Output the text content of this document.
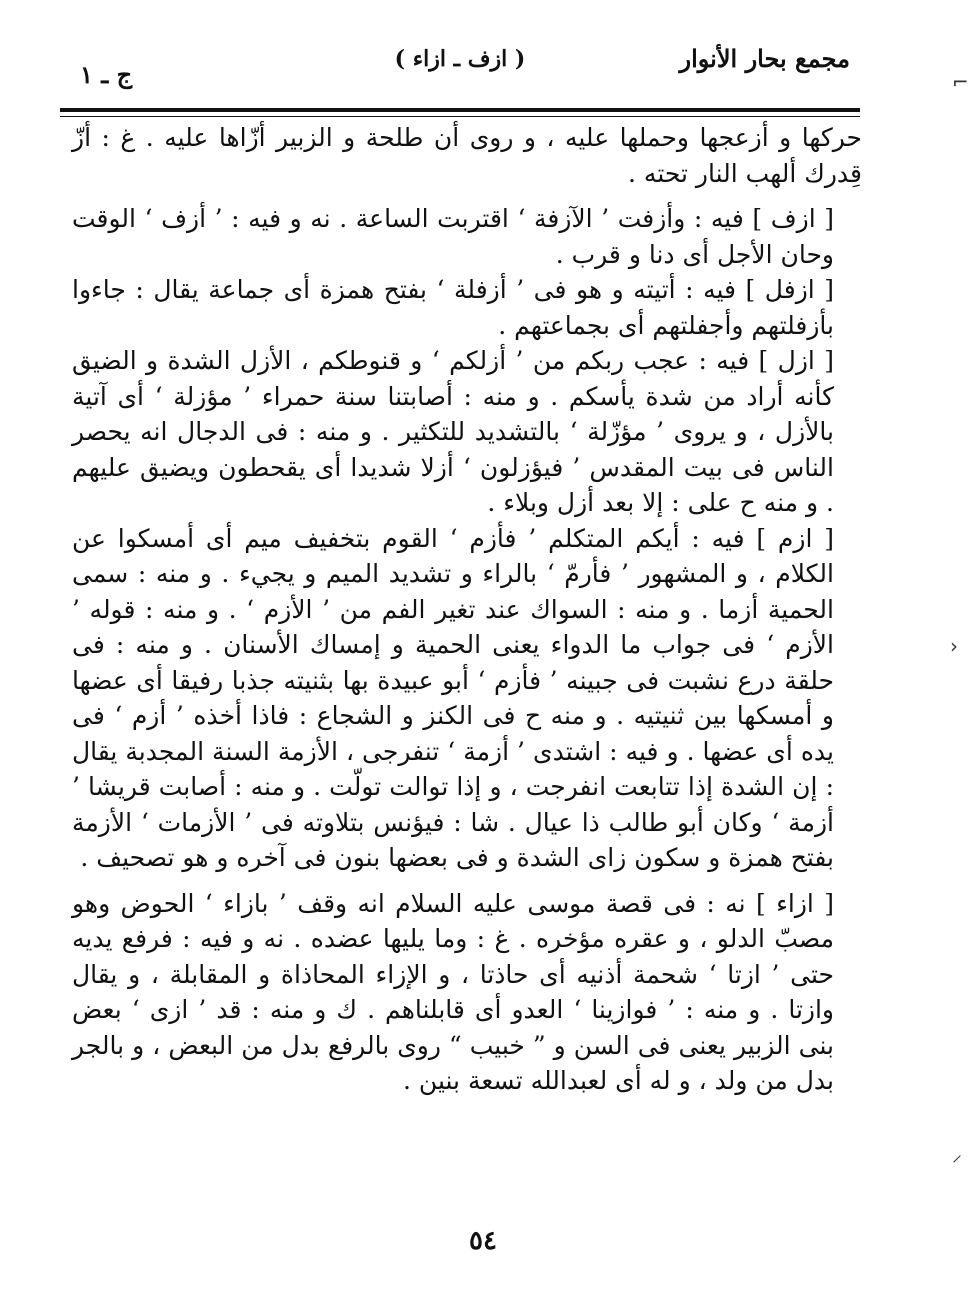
مجمع بحار الأنوار
( ازف ـ ازاء )
ج ـ ١

حركها و أزعجها وحملها عليه ، و روى أن طلحة و الزبير أزّاها عليه . غ : أزّ قِدرك ألهب النار تحته .

[ ازف ] فيه : وأزفت ’ الآزفة ‘ اقتربت الساعة . نه و فيه : ’ أزف ‘ الوقت وحان الأجل أى دنا و قرب .

[ ازفل ] فيه : أتيته و هو فى ’ أزفلة ‘ بفتح همزة أى جماعة يقال : جاءوا بأزفلتهم وأجفلتهم أى بجماعتهم .

[ ازل ] فيه : عجب ربكم من ’ أزلكم ‘ و قنوطكم ، الأزل الشدة و الضيق كأنه أراد من شدة يأسكم . و منه : أصابتنا سنة حمراء ’ مؤزلة ‘ أى آتية بالأزل ، و يروى ’ مؤزّلة ‘ بالتشديد للتكثير . و منه : فى الدجال انه يحصر الناس فى بيت المقدس ’ فيؤزلون ‘ أزلا شديدا أى يقحطون ويضيق عليهم . و منه ح على : إلا بعد أزل وبلاء .

[ ازم ] فيه : أيكم المتكلم ’ فأزم ‘ القوم بتخفيف ميم أى أمسكوا عن الكلام ، و المشهور ’ فأرمّ ‘ بالراء و تشديد الميم و يجيء . و منه : سمى الحمية أزما . و منه : السواك عند تغير الفم من ’ الأزم ‘ . و منه : قوله ’ الأزم ‘ فى جواب ما الدواء يعنى الحمية و إمساك الأسنان . و منه : فى حلقة درع نشبت فى جبينه ’ فأزم ‘ أبو عبيدة بها بثنيته جذبا رفيقا أى عضها و أمسكها بين ثنيتيه . و منه ح فى الكنز و الشجاع : فاذا أخذه ’ أزم ‘ فى يده أى عضها . و فيه : اشتدى ’ أزمة ‘ تنفرجى ، الأزمة السنة المجدبة يقال : إن الشدة إذا تتابعت انفرجت ، و إذا توالت تولّت . و منه : أصابت قريشا ’ أزمة ‘ وكان أبو طالب ذا عيال . شا : فيؤنس بتلاوته فى ’ الأزمات ‘ الأزمة بفتح همزة و سكون زاى الشدة و فى بعضها بنون فى آخره و هو تصحيف .

[ ازاء ] نه : فى قصة موسى عليه السلام انه وقف ’ بازاء ‘ الحوض وهو مصبّ الدلو ، و عقره مؤخره . غ : وما يليها عضده . نه و فيه : فرفع يديه حتى ’ ازتا ‘ شحمة أذنيه أى حاذتا ، و الإزاء المحاذاة و المقابلة ، و يقال وازتا . و منه : ’ فوازينا ‘ العدو أى قابلناهم . ك و منه : قد ’ ازى ‘ بعض بنى الزبير يعنى فى السن و ” خبيب “ روى بالرفع بدل من البعض ، و بالجر بدل من ولد ، و له أى لعبدالله تسعة بنين .

٥٤
⌐
›
⸝
